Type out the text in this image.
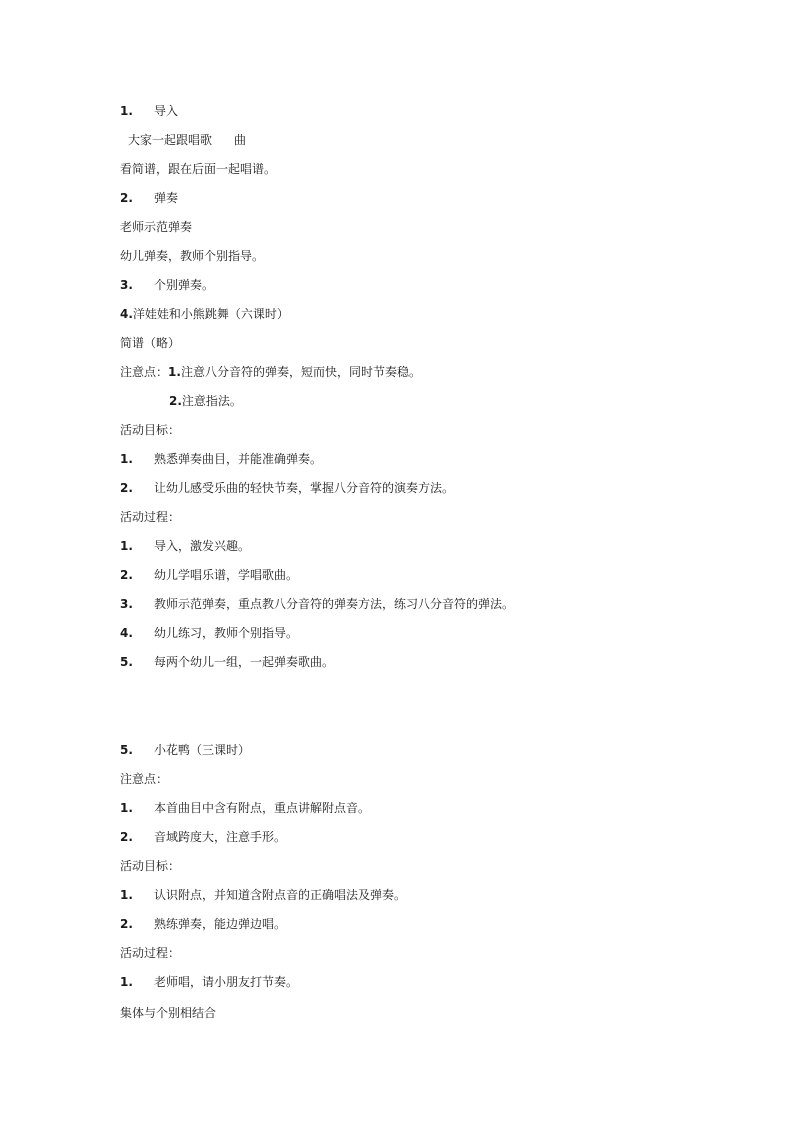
1. 导入
大家一起跟唱歌 曲
看简谱，跟在后面一起唱谱。
2. 弹奏
老师示范弹奏
幼儿弹奏，教师个别指导。
3. 个别弹奏。
4.洋娃娃和小熊跳舞（六课时）
简谱（略）
注意点：1.注意八分音符的弹奏，短而快，同时节奏稳。
2.注意指法。
活动目标：
1. 熟悉弹奏曲目，并能准确弹奏。
2. 让幼儿感受乐曲的轻快节奏，掌握八分音符的演奏方法。
活动过程：
1. 导入，激发兴趣。
2. 幼儿学唱乐谱，学唱歌曲。
3. 教师示范弹奏，重点教八分音符的弹奏方法，练习八分音符的弹法。
4. 幼儿练习，教师个别指导。
5. 每两个幼儿一组，一起弹奏歌曲。
5. 小花鸭（三课时）
注意点：
1. 本首曲目中含有附点，重点讲解附点音。
2. 音域跨度大，注意手形。
活动目标：
1. 认识附点，并知道含附点音的正确唱法及弹奏。
2. 熟练弹奏，能边弹边唱。
活动过程：
1. 老师唱，请小朋友打节奏。
集体与个别相结合
